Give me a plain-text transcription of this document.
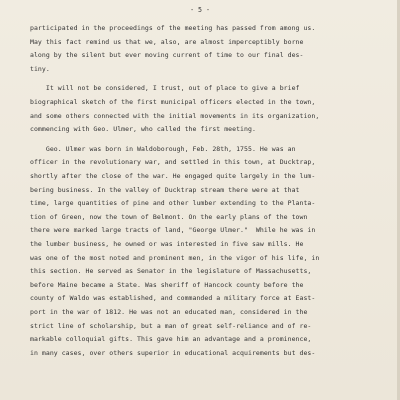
- 5 -
participated in the proceedings of the meeting has passed from among us.
May this fact remind us that we, also, are almost imperceptibly borne
along by the silent but ever moving current of time to our final des-
tiny.
It will not be considered, I trust, out of place to give a brief
biographical sketch of the first municipal officers elected in the town,
and some others connected with the initial movements in its organization,
commencing with Geo. Ulmer, who called the first meeting.
Geo. Ulmer was born in Waldoborough, Feb. 28th, 1755. He was an
officer in the revolutionary war, and settled in this town, at Ducktrap,
shortly after the close of the war. He engaged quite largely in the lum-
bering business. In the valley of Ducktrap stream there were at that
time, large quantities of pine and other lumber extending to the Planta-
tion of Green, now the town of Belmont. On the early plans of the town
there were marked large tracts of land, "George Ulmer."  While he was in
the lumber business, he owned or was interested in five saw mills. He
was one of the most noted and prominent men, in the vigor of his life, in
this section. He served as Senator in the legislature of Massachusetts,
before Maine became a State. Was sheriff of Hancock county before the
county of Waldo was established, and commanded a military force at East-
port in the war of 1812. He was not an educated man, considered in the
strict line of scholarship, but a man of great self-reliance and of re-
markable colloquial gifts. This gave him an advantage and a prominence,
in many cases, over others superior in educational acquirements but des-
